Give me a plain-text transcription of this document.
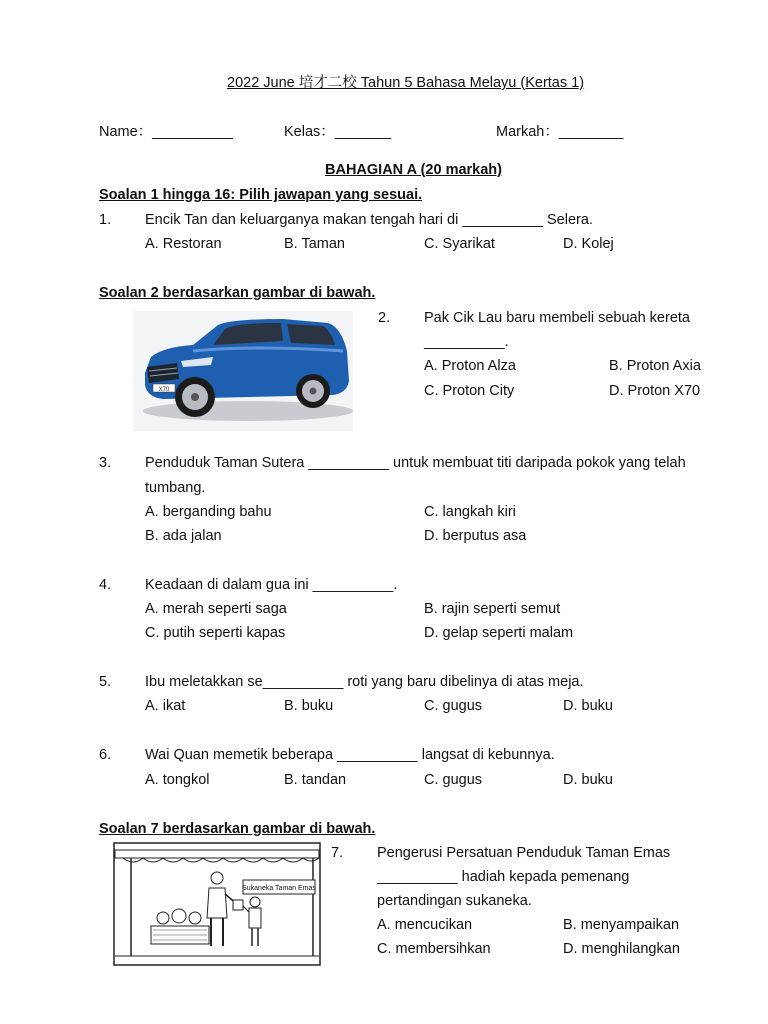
2022 June 培才二校 Tahun 5 Bahasa Melayu (Kertas 1)
Name：__________	Kelas：_______	Markah：________
BAHAGIAN A (20 markah)
Soalan 1 hingga 16: Pilih jawapan yang sesuai.
1. Encik Tan dan keluarganya makan tengah hari di __________ Selera.
A. Restoran	B. Taman	C. Syarikat	D. Kolej
Soalan 2 berdasarkan gambar di bawah.
X70
2. Pak Cik Lau baru membeli sebuah kereta
__________.
A. Proton Alza	B. Proton Axia
C. Proton City	D. Proton X70
3. Penduduk Taman Sutera __________ untuk membuat titi daripada pokok yang telah
tumbang.
A. berganding bahu	C. langkah kiri
B. ada jalan	D. berputus asa
4. Keadaan di dalam gua ini __________.
A. merah seperti saga	B. rajin seperti semut
C. putih seperti kapas	D. gelap seperti malam
5. Ibu meletakkan se__________ roti yang baru dibelinya di atas meja.
A. ikat	B. buku	C. gugus	D. buku
6. Wai Quan memetik beberapa __________ langsat di kebunnya.
A. tongkol	B. tandan	C. gugus	D. buku
Soalan 7 berdasarkan gambar di bawah.
Sukaneka Taman Emas
7. Pengerusi Persatuan Penduduk Taman Emas
__________ hadiah kepada pemenang
pertandingan sukaneka.
A. mencucikan	B. menyampaikan
C. membersihkan	D. menghilangkan
